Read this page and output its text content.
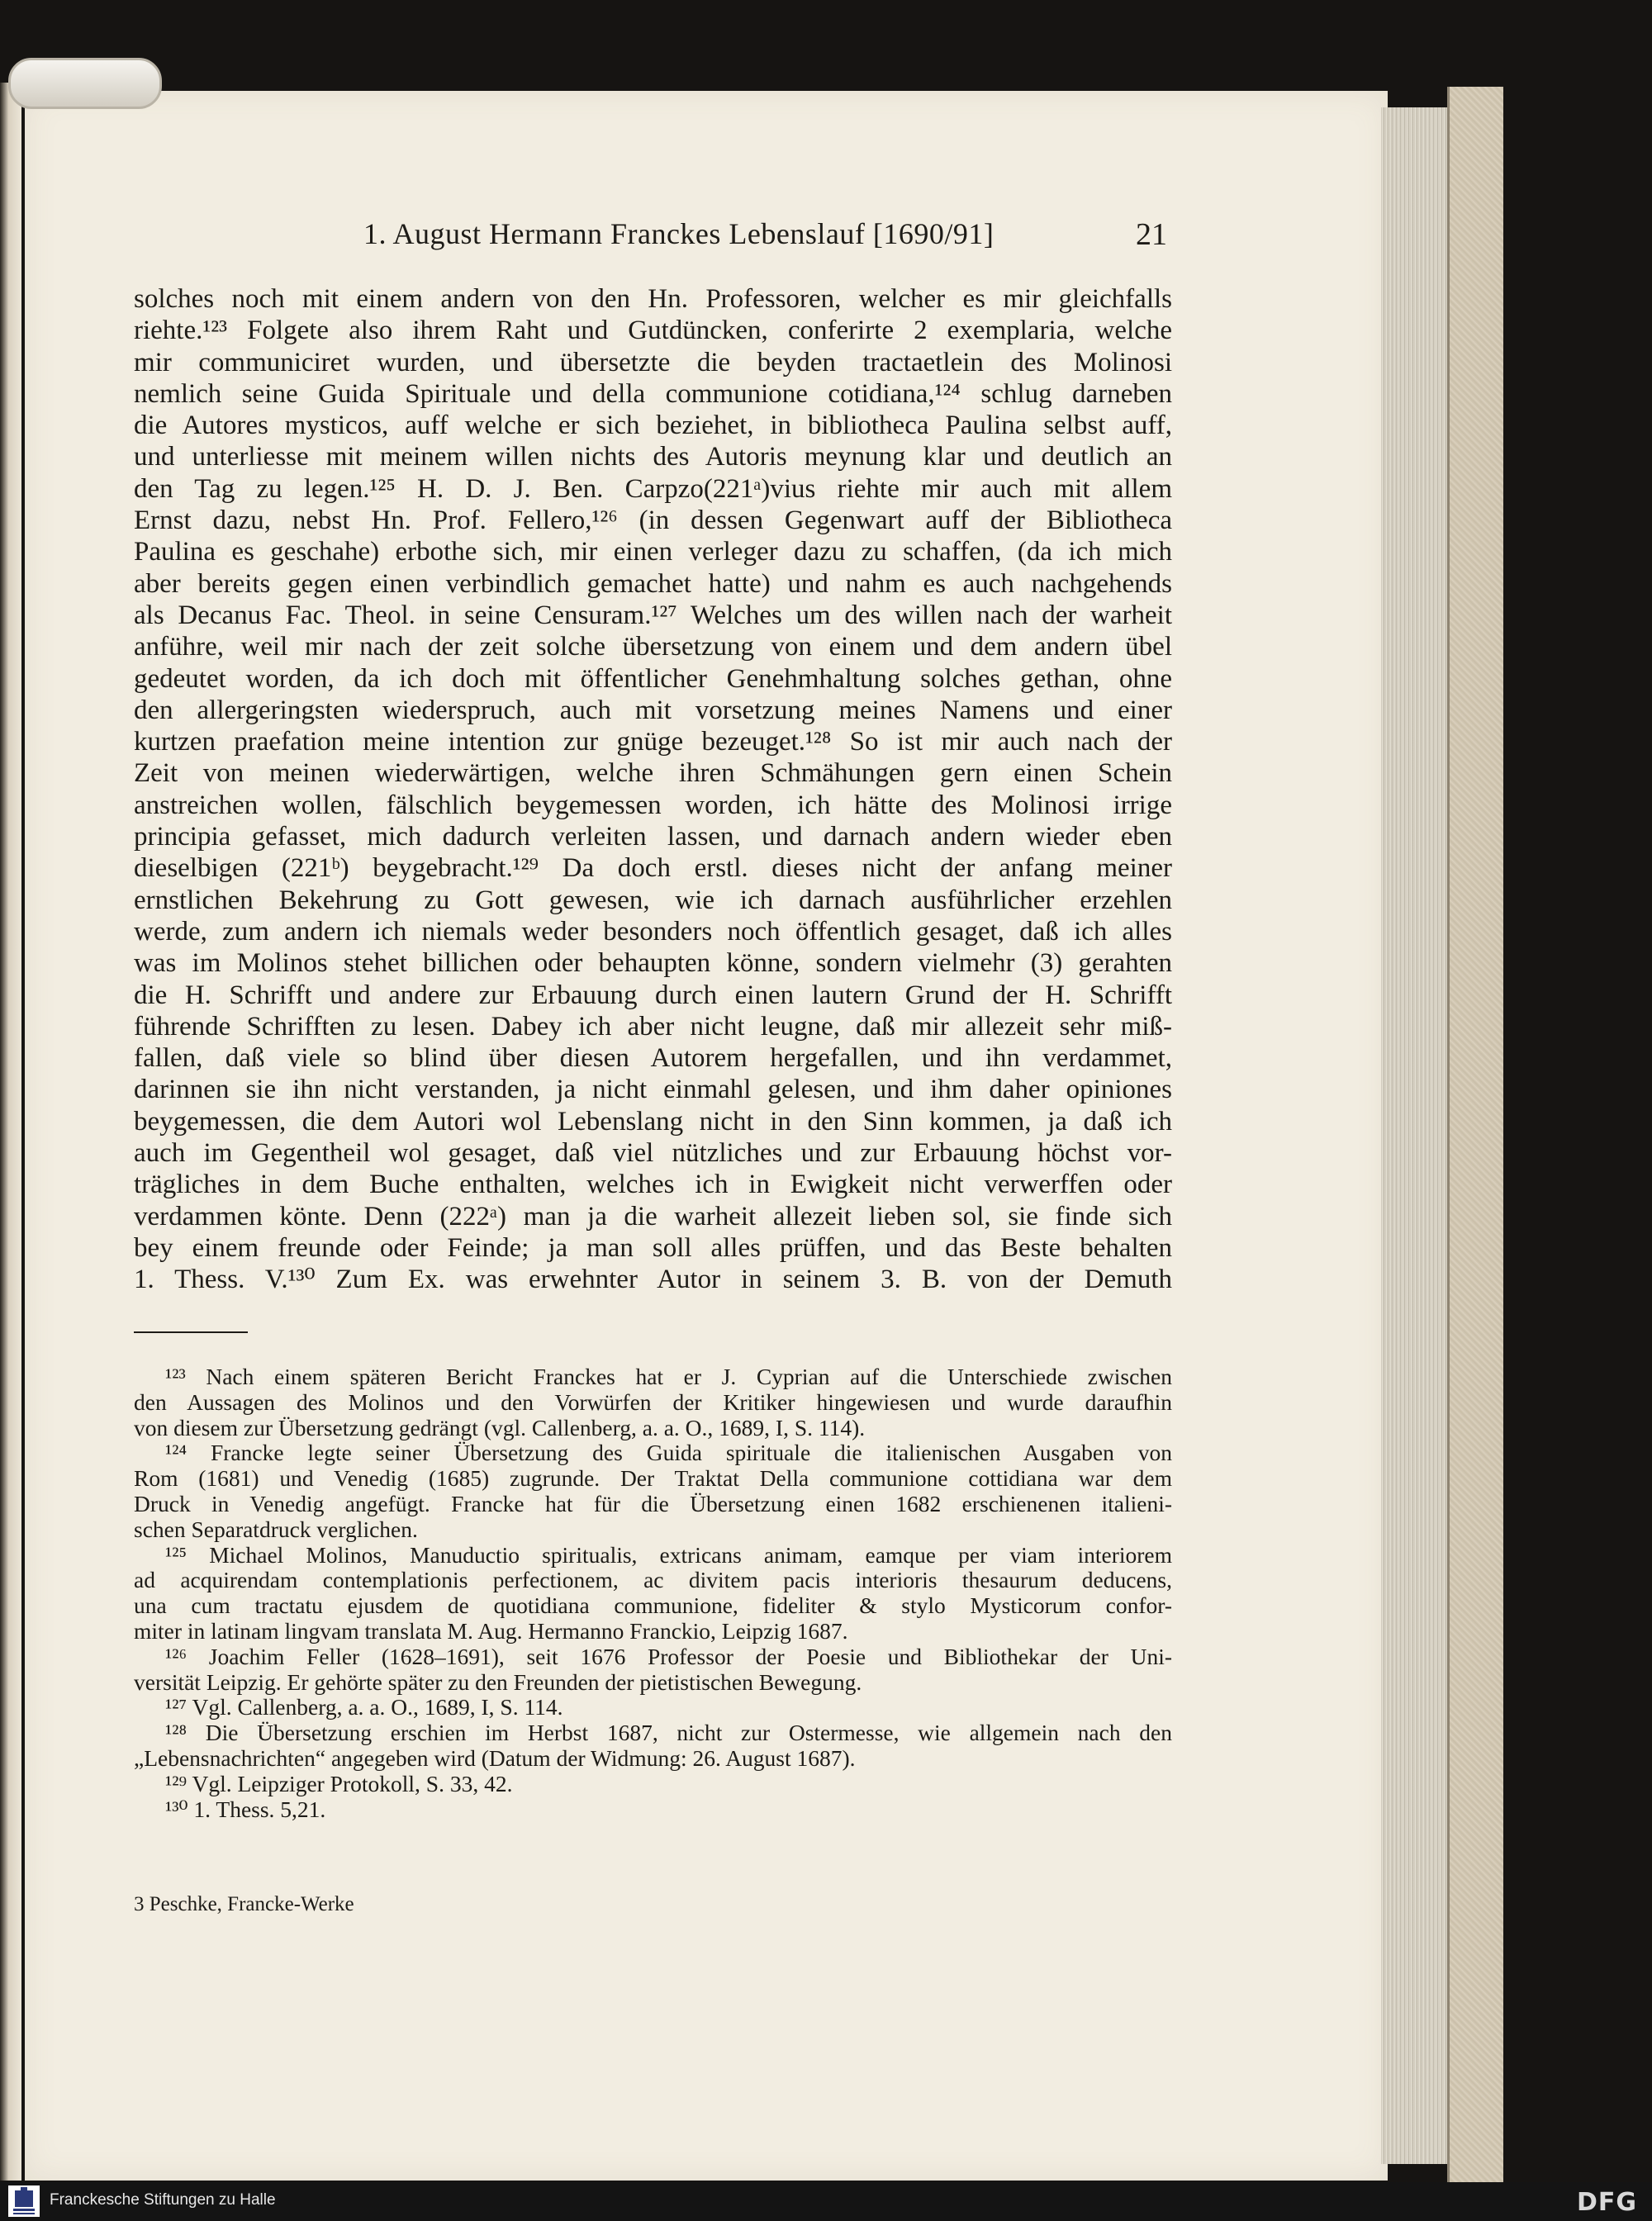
1. August Hermann Franckes Lebenslauf [1690/91]	21
solches noch mit einem andern von den Hn. Professoren, welcher es mir gleichfalls
riehte.¹²³ Folgete also ihrem Raht und Gutdüncken, conferirte 2 exemplaria, welche
mir communiciret wurden, und übersetzte die beyden tractaetlein des Molinosi
nemlich seine Guida Spirituale und della communione cotidiana,¹²⁴ schlug darneben
die Autores mysticos, auff welche er sich beziehet, in bibliotheca Paulina selbst auff,
und unterliesse mit meinem willen nichts des Autoris meynung klar und deutlich an
den Tag zu legen.¹²⁵ H. D. J. Ben. Carpzo(221ᵃ)vius riehte mir auch mit allem
Ernst dazu, nebst Hn. Prof. Fellero,¹²⁶ (in dessen Gegenwart auff der Bibliotheca
Paulina es geschahe) erbothe sich, mir einen verleger dazu zu schaffen, (da ich mich
aber bereits gegen einen verbindlich gemachet hatte) und nahm es auch nachgehends
als Decanus Fac. Theol. in seine Censuram.¹²⁷ Welches um des willen nach der warheit
anführe, weil mir nach der zeit solche übersetzung von einem und dem andern übel
gedeutet worden, da ich doch mit öffentlicher Genehmhaltung solches gethan, ohne
den allergeringsten wiederspruch, auch mit vorsetzung meines Namens und einer
kurtzen praefation meine intention zur gnüge bezeuget.¹²⁸ So ist mir auch nach der
Zeit von meinen wiederwärtigen, welche ihren Schmähungen gern einen Schein
anstreichen wollen, fälschlich beygemessen worden, ich hätte des Molinosi irrige
principia gefasset, mich dadurch verleiten lassen, und darnach andern wieder eben
dieselbigen (221ᵇ) beygebracht.¹²⁹ Da doch erstl. dieses nicht der anfang meiner
ernstlichen Bekehrung zu Gott gewesen, wie ich darnach ausführlicher erzehlen
werde, zum andern ich niemals weder besonders noch öffentlich gesaget, daß ich alles
was im Molinos stehet billichen oder behaupten könne, sondern vielmehr (3) gerahten
die H. Schrifft und andere zur Erbauung durch einen lautern Grund der H. Schrifft
führende Schrifften zu lesen. Dabey ich aber nicht leugne, daß mir allezeit sehr miß-
fallen, daß viele so blind über diesen Autorem hergefallen, und ihn verdammet,
darinnen sie ihn nicht verstanden, ja nicht einmahl gelesen, und ihm daher opiniones
beygemessen, die dem Autori wol Lebenslang nicht in den Sinn kommen, ja daß ich
auch im Gegentheil wol gesaget, daß viel nützliches und zur Erbauung höchst vor-
trägliches in dem Buche enthalten, welches ich in Ewigkeit nicht verwerffen oder
verdammen könte. Denn (222ᵃ) man ja die warheit allezeit lieben sol, sie finde sich
bey einem freunde oder Feinde; ja man soll alles prüffen, und das Beste behalten
1. Thess. V.¹³⁰ Zum Ex. was erwehnter Autor in seinem 3. B. von der Demuth
¹²³ Nach einem späteren Bericht Franckes hat er J. Cyprian auf die Unterschiede zwischen
den Aussagen des Molinos und den Vorwürfen der Kritiker hingewiesen und wurde daraufhin
von diesem zur Übersetzung gedrängt (vgl. Callenberg, a. a. O., 1689, I, S. 114).
¹²⁴ Francke legte seiner Übersetzung des Guida spirituale die italienischen Ausgaben von
Rom (1681) und Venedig (1685) zugrunde. Der Traktat Della communione cottidiana war dem
Druck in Venedig angefügt. Francke hat für die Übersetzung einen 1682 erschienenen italieni-
schen Separatdruck verglichen.
¹²⁵ Michael Molinos, Manuductio spiritualis, extricans animam, eamque per viam interiorem
ad acquirendam contemplationis perfectionem, ac divitem pacis interioris thesaurum deducens,
una cum tractatu ejusdem de quotidiana communione, fideliter & stylo Mysticorum confor-
miter in latinam lingvam translata M. Aug. Hermanno Franckio, Leipzig 1687.
¹²⁶ Joachim Feller (1628–1691), seit 1676 Professor der Poesie und Bibliothekar der Uni-
versität Leipzig. Er gehörte später zu den Freunden der pietistischen Bewegung.
¹²⁷ Vgl. Callenberg, a. a. O., 1689, I, S. 114.
¹²⁸ Die Übersetzung erschien im Herbst 1687, nicht zur Ostermesse, wie allgemein nach den
„Lebensnachrichten“ angegeben wird (Datum der Widmung: 26. August 1687).
¹²⁹ Vgl. Leipziger Protokoll, S. 33, 42.
¹³⁰ 1. Thess. 5,21.
3 Peschke, Francke-Werke
Franckesche Stiftungen zu Halle	DFG
